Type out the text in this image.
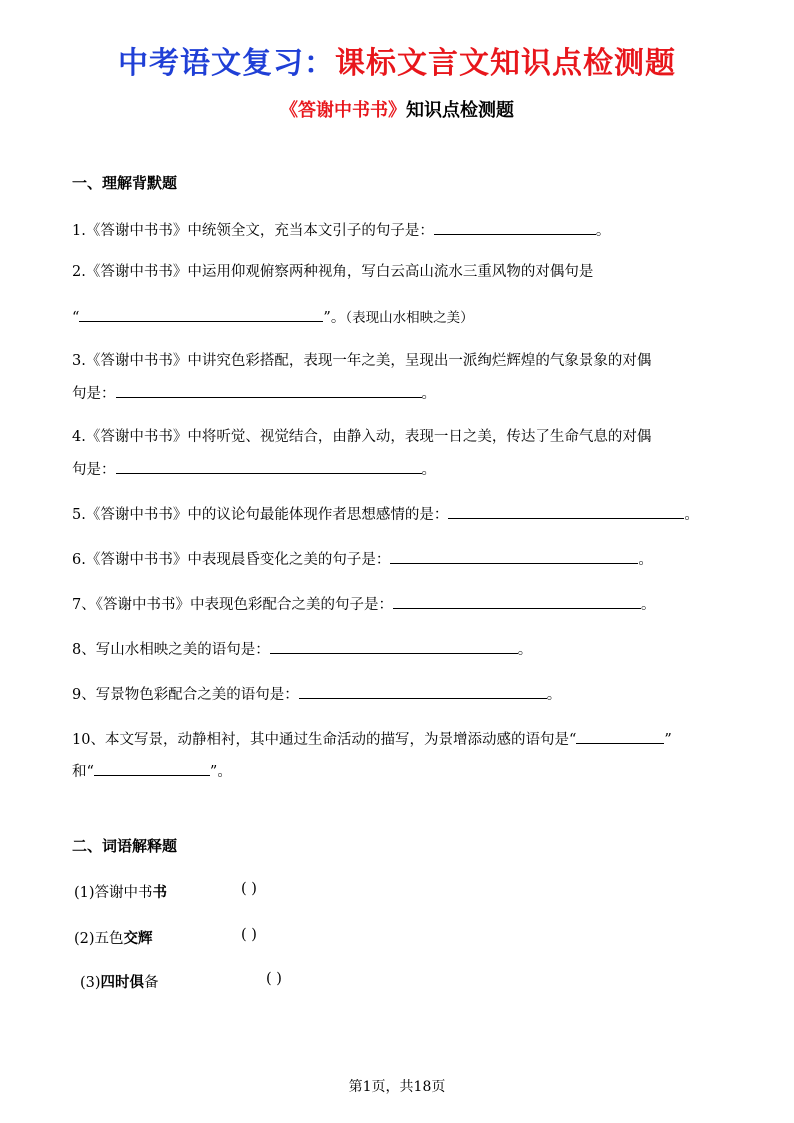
中考语文复习：课标文言文知识点检测题
《答谢中书书》知识点检测题
一、理解背默题
1.《答谢中书书》中统领全文，充当本文引子的句子是：	。
2.《答谢中书书》中运用仰观俯察两种视角，写白云高山流水三重风物的对偶句是
“	”。（表现山水相映之美）
3.《答谢中书书》中讲究色彩搭配，表现一年之美，呈现出一派绚烂辉煌的气象景象的对偶
句是：	。
4.《答谢中书书》中将听觉、视觉结合，由静入动，表现一日之美，传达了生命气息的对偶
句是：	。
5.《答谢中书书》中的议论句最能体现作者思想感情的是：	。
6.《答谢中书书》中表现晨昏变化之美的句子是：	。
7、《答谢中书书》中表现色彩配合之美的句子是：	。
8、写山水相映之美的语句是：	。
9、写景物色彩配合之美的语句是：	。
10、本文写景，动静相衬，其中通过生命活动的描写，为景增添动感的语句是“	”
和“	”。
二、词语解释题
(1)答谢中书书	( )
(2)五色交辉	( )
(3)四时俱备	( )
第1页，共18页
